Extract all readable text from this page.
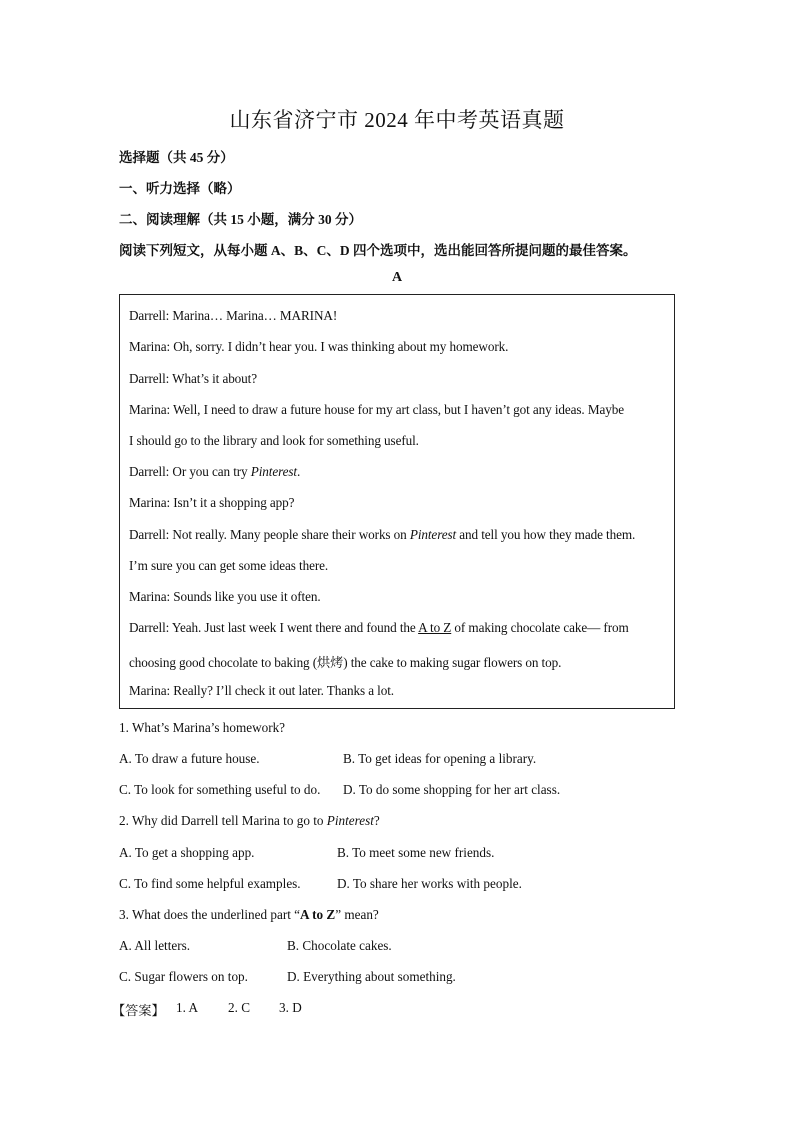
山东省济宁市 2024 年中考英语真题
选择题（共 45 分）
一、听力选择（略）
二、阅读理解（共 15 小题，满分 30 分）
阅读下列短文，从每小题 A、B、C、D 四个选项中，选出能回答所提问题的最佳答案。
A
Darrell: Marina… Marina… MARINA!
Marina: Oh, sorry. I didn’t hear you. I was thinking about my homework.
Darrell: What’s it about?
Marina: Well, I need to draw a future house for my art class, but I haven’t got any ideas. Maybe
I should go to the library and look for something useful.
Darrell: Or you can try Pinterest.
Marina: Isn’t it a shopping app?
Darrell: Not really. Many people share their works on Pinterest and tell you how they made them.
I’m sure you can get some ideas there.
Marina: Sounds like you use it often.
Darrell: Yeah. Just last week I went there and found the A to Z of making chocolate cake— from
choosing good chocolate to baking (烘烤) the cake to making sugar flowers on top.
Marina: Really? I’ll check it out later. Thanks a lot.
1. What’s Marina’s homework?
A. To draw a future house.	B. To get ideas for opening a library.
C. To look for something useful to do. D. To do some shopping for her art class.
2. Why did Darrell tell Marina to go to Pinterest?
A. To get a shopping app.	B. To meet some new friends.
C. To find some helpful examples.	D. To share her works with people.
3. What does the underlined part “A to Z” mean?
A. All letters.	B. Chocolate cakes.
C. Sugar flowers on top.	D. Everything about something.
【答案】 1. A 2. C 3. D
